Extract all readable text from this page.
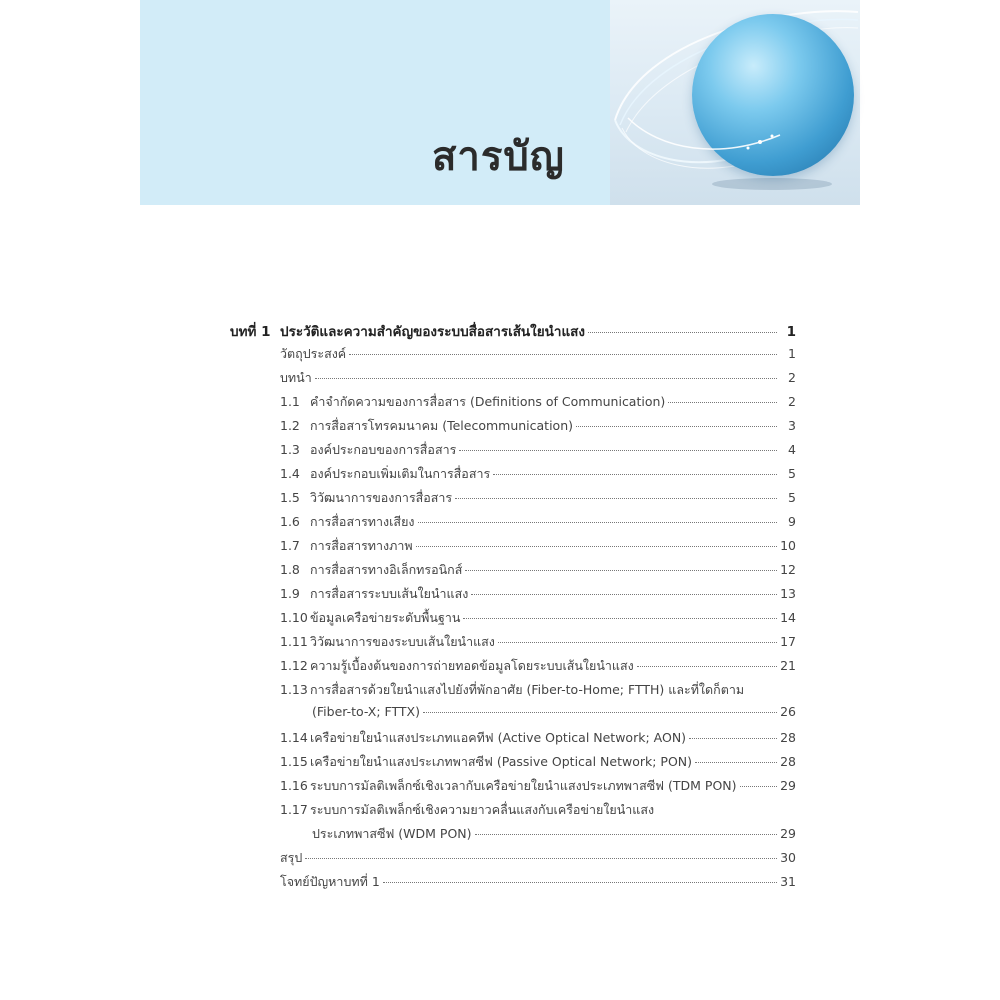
สารบัญ
บทที่ 1 ประวัติและความสำคัญของระบบสื่อสารเส้นใยนำแสง	1
วัตถุประสงค์	1
บทนำ	2
1.1 คำจำกัดความของการสื่อสาร (Definitions of Communication)	2
1.2 การสื่อสารโทรคมนาคม (Telecommunication)	3
1.3 องค์ประกอบของการสื่อสาร	4
1.4 องค์ประกอบเพิ่มเติมในการสื่อสาร	5
1.5 วิวัฒนาการของการสื่อสาร	5
1.6 การสื่อสารทางเสียง	9
1.7 การสื่อสารทางภาพ	10
1.8 การสื่อสารทางอิเล็กทรอนิกส์	12
1.9 การสื่อสารระบบเส้นใยนำแสง	13
1.10 ข้อมูลเครือข่ายระดับพื้นฐาน	14
1.11 วิวัฒนาการของระบบเส้นใยนำแสง	17
1.12 ความรู้เบื้องต้นของการถ่ายทอดข้อมูลโดยระบบเส้นใยนำแสง	21
1.13 การสื่อสารด้วยใยนำแสงไปยังที่พักอาศัย (Fiber-to-Home; FTTH) และที่ใดก็ตาม
(Fiber-to-X; FTTX)	26
1.14 เครือข่ายใยนำแสงประเภทแอคทีฟ (Active Optical Network; AON)	28
1.15 เครือข่ายใยนำแสงประเภทพาสซีฟ (Passive Optical Network; PON)	28
1.16 ระบบการมัลติเพล็กซ์เชิงเวลากับเครือข่ายใยนำแสงประเภทพาสซีฟ (TDM PON)	29
1.17 ระบบการมัลติเพล็กซ์เชิงความยาวคลื่นแสงกับเครือข่ายใยนำแสง
ประเภทพาสซีฟ (WDM PON)	29
สรุป	30
โจทย์ปัญหาบทที่ 1	31
